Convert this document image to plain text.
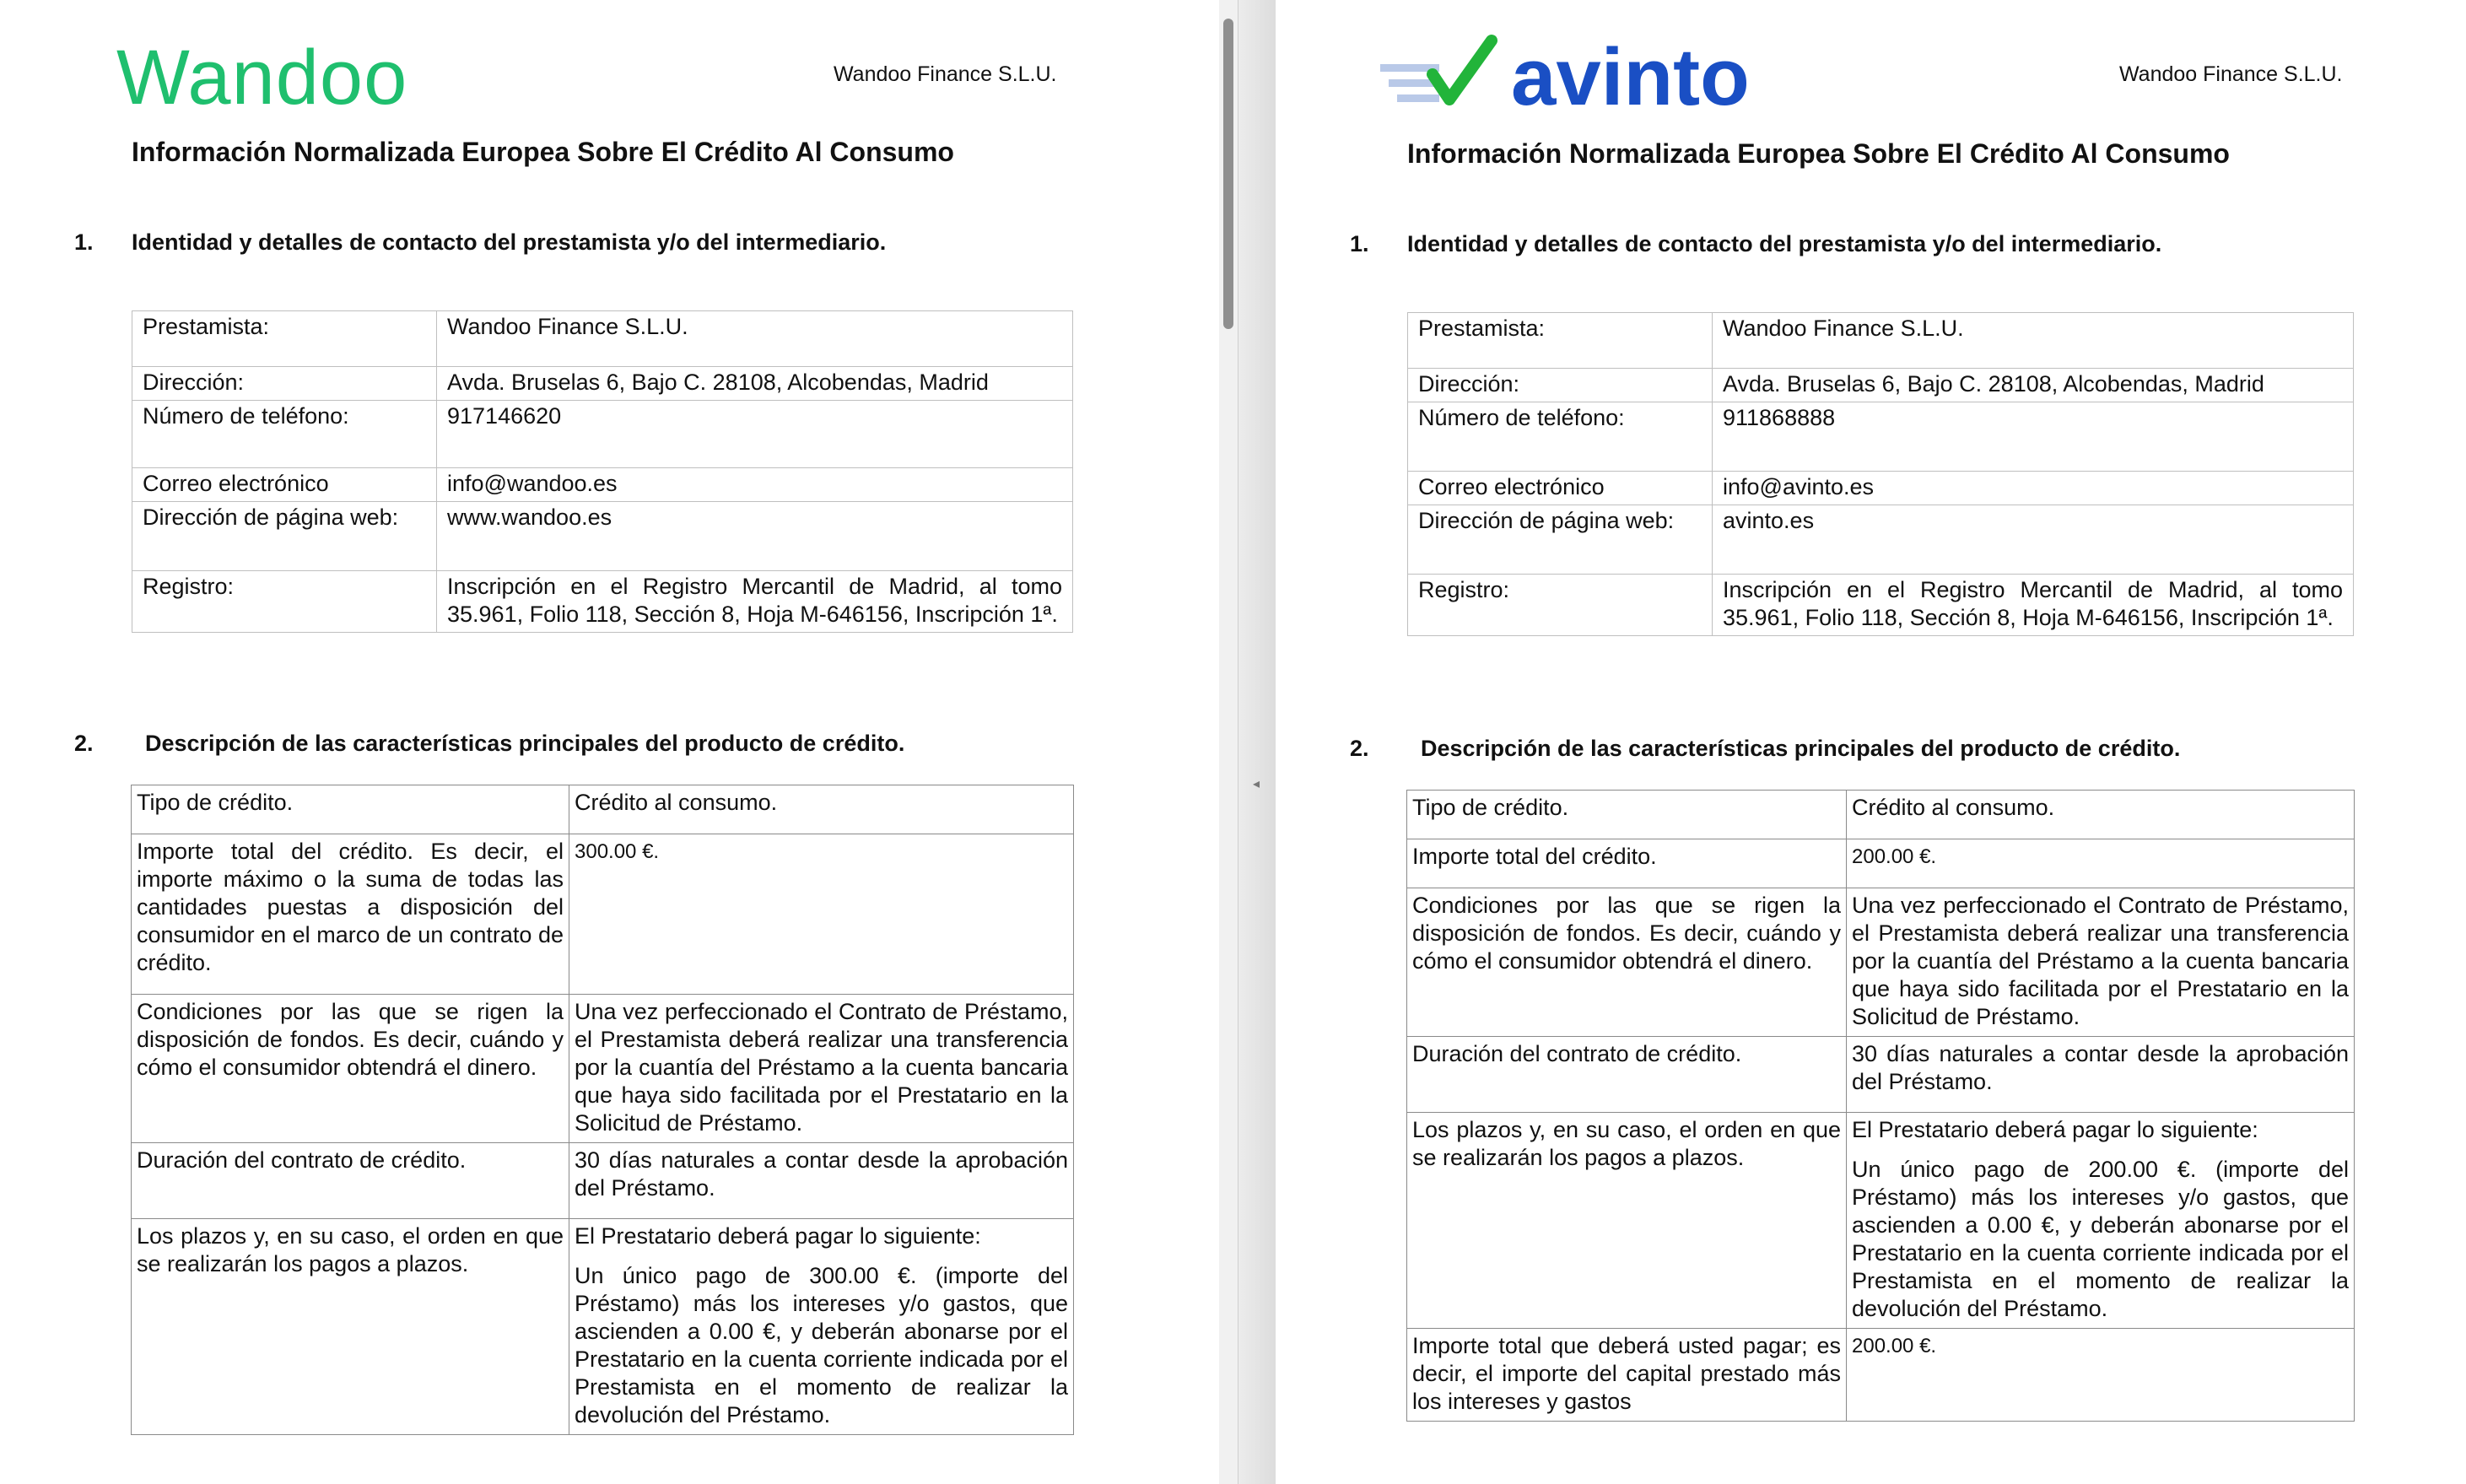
Wandoo	Wandoo Finance S.L.U.
Información Normalizada Europea Sobre El Crédito Al Consumo
1. Identidad y detalles de contacto del prestamista y/o del intermediario.
Prestamista:	Wandoo Finance S.L.U.
Dirección:	Avda. Bruselas 6, Bajo C. 28108, Alcobendas, Madrid
Número de teléfono:	917146620
Correo electrónico	info@wandoo.es
Dirección de página web:	www.wandoo.es
Registro:	Inscripción en el Registro Mercantil de Madrid, al tomo 35.961, Folio 118, Sección 8, Hoja M-646156, Inscripción 1ª.
2. Descripción de las características principales del producto de crédito.
Tipo de crédito.	Crédito al consumo.
Importe total del crédito. Es decir, el importe máximo o la suma de todas las cantidades puestas a disposición del consumidor en el marco de un contrato de crédito.	300.00 €.
Condiciones por las que se rigen la disposición de fondos. Es decir, cuándo y cómo el consumidor obtendrá el dinero.	Una vez perfeccionado el Contrato de Préstamo, el Prestamista deberá realizar una transferencia por la cuantía del Préstamo a la cuenta bancaria que haya sido facilitada por el Prestatario en la Solicitud de Préstamo.
Duración del contrato de crédito.	30 días naturales a contar desde la aprobación del Préstamo.
Los plazos y, en su caso, el orden en que se realizarán los pagos a plazos.	El Prestatario deberá pagar lo siguiente:
Un único pago de 300.00 €. (importe del Préstamo) más los intereses y/o gastos, que ascienden a 0.00 €, y deberán abonarse por el Prestatario en la cuenta corriente indicada por el Prestamista en el momento de realizar la devolución del Préstamo.
◂
avinto	Wandoo Finance S.L.U.
Información Normalizada Europea Sobre El Crédito Al Consumo
1. Identidad y detalles de contacto del prestamista y/o del intermediario.
Prestamista:	Wandoo Finance S.L.U.
Dirección:	Avda. Bruselas 6, Bajo C. 28108, Alcobendas, Madrid
Número de teléfono:	911868888
Correo electrónico	info@avinto.es
Dirección de página web:	avinto.es
Registro:	Inscripción en el Registro Mercantil de Madrid, al tomo 35.961, Folio 118, Sección 8, Hoja M-646156, Inscripción 1ª.
2. Descripción de las características principales del producto de crédito.
Tipo de crédito.	Crédito al consumo.
Importe total del crédito.	200.00 €.
Condiciones por las que se rigen la disposición de fondos. Es decir, cuándo y cómo el consumidor obtendrá el dinero.	Una vez perfeccionado el Contrato de Préstamo, el Prestamista deberá realizar una transferencia por la cuantía del Préstamo a la cuenta bancaria que haya sido facilitada por el Prestatario en la Solicitud de Préstamo.
Duración del contrato de crédito.	30 días naturales a contar desde la aprobación del Préstamo.
Los plazos y, en su caso, el orden en que se realizarán los pagos a plazos.	El Prestatario deberá pagar lo siguiente:
Un único pago de 200.00 €. (importe del Préstamo) más los intereses y/o gastos, que ascienden a 0.00 €, y deberán abonarse por el Prestatario en la cuenta corriente indicada por el Prestamista en el momento de realizar la devolución del Préstamo.

Importe total que deberá usted pagar; es decir, el importe del capital prestado más los intereses y gastos	200.00 €.
